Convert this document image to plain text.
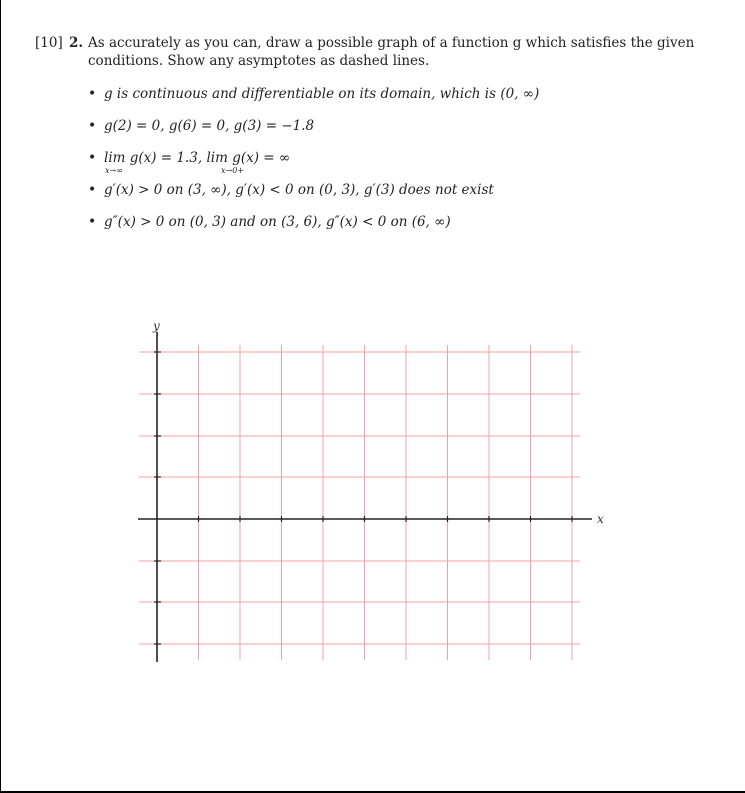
[10] 2. As accurately as you can, draw a possible graph of a function g which satisfies the given conditions. Show any asymptotes as dashed lines.
• g is continuous and differentiable on its domain, which is (0, ∞)
• g(2) = 0, g(6) = 0, g(3) = −1.8
• lim g(x) = 1.3, lim g(x) = ∞
x→∞	x→0+
• g′(x) > 0 on (3, ∞), g′(x) < 0 on (0, 3), g′(3) does not exist
• g″(x) > 0 on (0, 3) and on (3, 6), g″(x) < 0 on (6, ∞)
y
x
